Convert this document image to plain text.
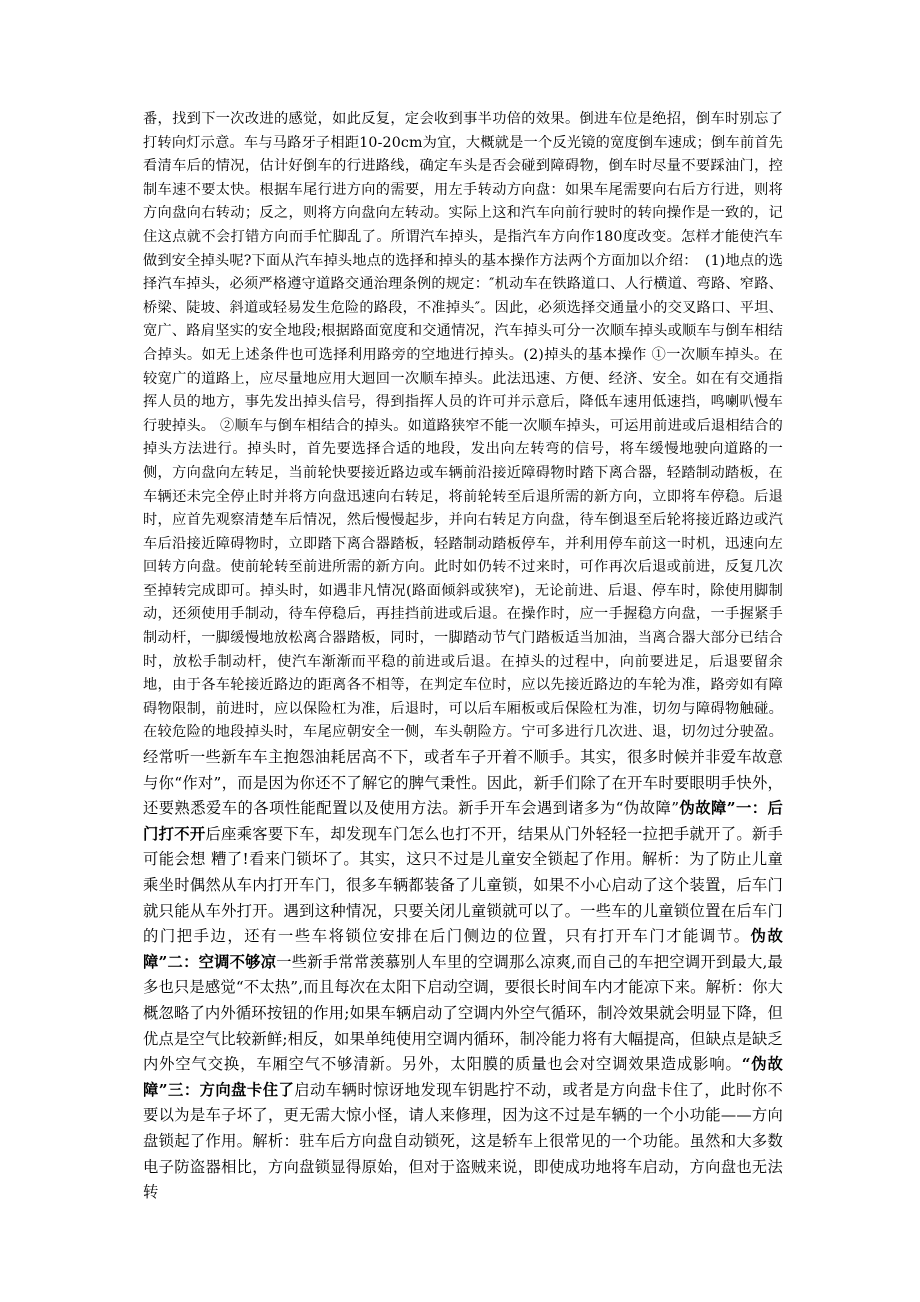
番，找到下一次改进的感觉，如此反复，定会收到事半功倍的效果。倒进车位是绝招，倒车时别忘了打转向灯示意。车与马路牙子相距10-20cm为宜，大概就是一个反光镜的宽度倒车速成；倒车前首先看清车后的情况，估计好倒车的行进路线，确定车头是否会碰到障碍物，倒车时尽量不要踩油门，控制车速不要太快。根据车尾行进方向的需要，用左手转动方向盘：如果车尾需要向右后方行进，则将方向盘向右转动；反之，则将方向盘向左转动。实际上这和汽车向前行驶时的转向操作是一致的，记住这点就不会打错方向而手忙脚乱了。所谓汽车掉头，是指汽车方向作180度改变。怎样才能使汽车做到安全掉头呢?下面从汽车掉头地点的选择和掉头的基本操作方法两个方面加以介绍：　(1)地点的选择汽车掉头，必须严格遵守道路交通治理条例的规定：″机动车在铁路道口、人行横道、弯路、窄路、桥梁、陡坡、斜道或轻易发生危险的路段，不准掉头″。因此，必须选择交通量小的交叉路口、平坦、宽广、路肩坚实的安全地段;根据路面宽度和交通情况，汽车掉头可分一次顺车掉头或顺车与倒车相结合掉头。如无上述条件也可选择利用路旁的空地进行掉头。(2)掉头的基本操作 ①一次顺车掉头。在较宽广的道路上，应尽量地应用大迴回一次顺车掉头。此法迅速、方便、经济、安全。如在有交通指挥人员的地方，事先发出掉头信号，得到指挥人员的许可并示意后，降低车速用低速挡，鸣喇叭慢车行驶掉头。 ②顺车与倒车相结合的掉头。如道路狭窄不能一次顺车掉头，可运用前进或后退相结合的掉头方法进行。掉头时，首先要选择合适的地段，发出向左转弯的信号，将车缓慢地驶向道路的一侧，方向盘向左转足，当前轮快要接近路边或车辆前沿接近障碍物时踏下离合器，轻踏制动踏板，在车辆还未完全停止时并将方向盘迅速向右转足，将前轮转至后退所需的新方向，立即将车停稳。后退时，应首先观察清楚车后情况，然后慢慢起步，并向右转足方向盘，待车倒退至后轮将接近路边或汽车后沿接近障碍物时，立即踏下离合器踏板，轻踏制动踏板停车，并利用停车前这一时机，迅速向左回转方向盘。使前轮转至前进所需的新方向。此时如仍转不过来时，可作再次后退或前进，反复几次至掉转完成即可。掉头时，如遇非凡情况(路面倾斜或狭窄)，无论前进、后退、停车时，除使用脚制动，还须使用手制动，待车停稳后，再挂挡前进或后退。在操作时，应一手握稳方向盘，一手握紧手制动杆，一脚缓慢地放松离合器踏板，同时，一脚踏动节气门踏板适当加油，当离合器大部分已结合时，放松手制动杆，使汽车渐渐而平稳的前进或后退。在掉头的过程中，向前要进足，后退要留余地，由于各车轮接近路边的距离各不相等，在判定车位时，应以先接近路边的车轮为准，路旁如有障碍物限制，前进时，应以保险杠为准，后退时，可以后车厢板或后保险杠为准，切勿与障碍物触碰。在较危险的地段掉头时，车尾应朝安全一侧，车头朝险方。宁可多进行几次进、退，切勿过分驶盈。经常听一些新车车主抱怨油耗居高不下，或者车子开着不顺手。其实，很多时候并非爱车故意与你“作对”，而是因为你还不了解它的脾气秉性。因此，新手们除了在开车时要眼明手快外，还要熟悉爱车的各项性能配置以及使用方法。新手开车会遇到诸多为“伪故障”伪故障”一：后门打不开后座乘客要下车，却发现车门怎么也打不开，结果从门外轻轻一拉把手就开了。新手可能会想 糟了!看来门锁坏了。其实，这只不过是儿童安全锁起了作用。解析：为了防止儿童乘坐时偶然从车内打开车门，很多车辆都装备了儿童锁，如果不小心启动了这个装置，后车门就只能从车外打开。遇到这种情况，只要关闭儿童锁就可以了。一些车的儿童锁位置在后车门的门把手边，还有一些车将锁位安排在后门侧边的位置，只有打开车门才能调节。伪故障”二：空调不够凉一些新手常常羡慕别人车里的空调那么凉爽,而自己的车把空调开到最大,最多也只是感觉“不太热”,而且每次在太阳下启动空调，要很长时间车内才能凉下来。解析：你大概忽略了内外循环按钮的作用;如果车辆启动了空调内外空气循环，制冷效果就会明显下降，但优点是空气比较新鲜;相反，如果单纯使用空调内循环，制冷能力将有大幅提高，但缺点是缺乏内外空气交换，车厢空气不够清新。另外，太阳膜的质量也会对空调效果造成影响。“伪故障”三：方向盘卡住了启动车辆时惊讶地发现车钥匙拧不动，或者是方向盘卡住了，此时你不要以为是车子坏了，更无需大惊小怪，请人来修理，因为这不过是车辆的一个小功能——方向盘锁起了作用。解析：驻车后方向盘自动锁死，这是轿车上很常见的一个功能。虽然和大多数电子防盗器相比，方向盘锁显得原始，但对于盗贼来说，即使成功地将车启动，方向盘也无法转
